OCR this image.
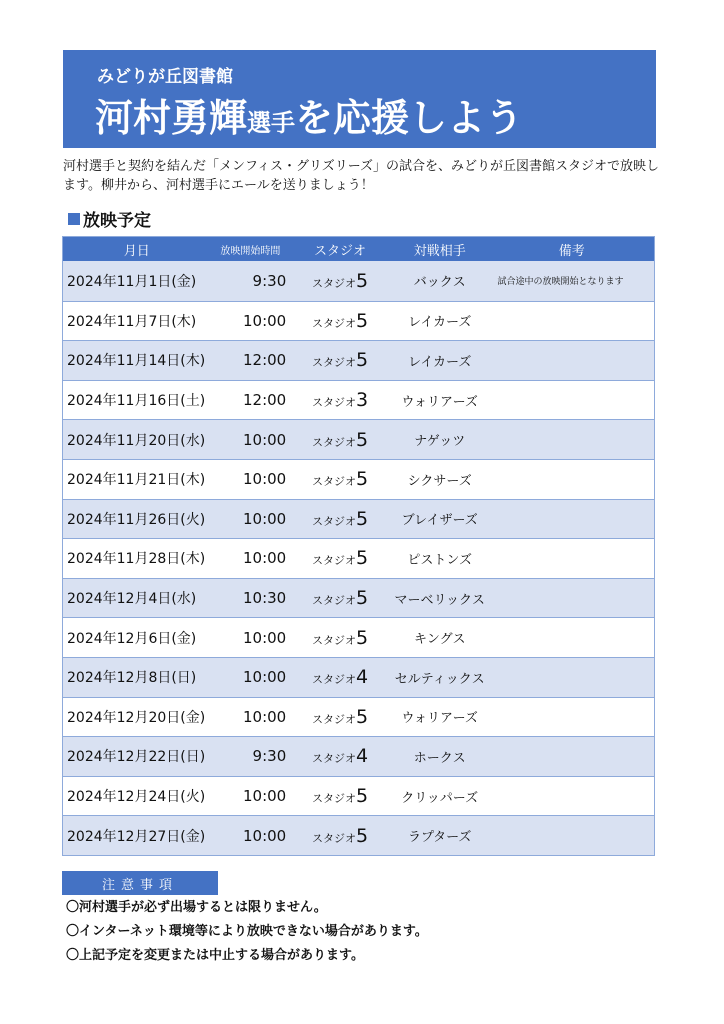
みどりが丘図書館
河村勇輝選手を応援しよう
河村選手と契約を結んだ「メンフィス・グリズリーズ」の試合を、みどりが丘図書館スタジオで放映します。柳井から、河村選手にエールを送りましょう！
放映予定
月日	放映開始時間	スタジオ	対戦相手	備考
2024年11月1日(金)	9:30	スタジオ5	バックス	試合途中の放映開始となります
2024年11月7日(木)	10:00	スタジオ5	レイカーズ
2024年11月14日(木)	12:00	スタジオ5	レイカーズ
2024年11月16日(土)	12:00	スタジオ3	ウォリアーズ
2024年11月20日(水)	10:00	スタジオ5	ナゲッツ
2024年11月21日(木)	10:00	スタジオ5	シクサーズ
2024年11月26日(火)	10:00	スタジオ5	ブレイザーズ
2024年11月28日(木)	10:00	スタジオ5	ピストンズ
2024年12月4日(水)	10:30	スタジオ5	マーベリックス
2024年12月6日(金)	10:00	スタジオ5	キングス
2024年12月8日(日)	10:00	スタジオ4	セルティックス
2024年12月20日(金)	10:00	スタジオ5	ウォリアーズ
2024年12月22日(日)	9:30	スタジオ4	ホークス
2024年12月24日(火)	10:00	スタジオ5	クリッパーズ
2024年12月27日(金)	10:00	スタジオ5	ラプターズ
注意事項
〇河村選手が必ず出場するとは限りません。
〇インターネット環境等により放映できない場合があります。
〇上記予定を変更または中止する場合があります。
